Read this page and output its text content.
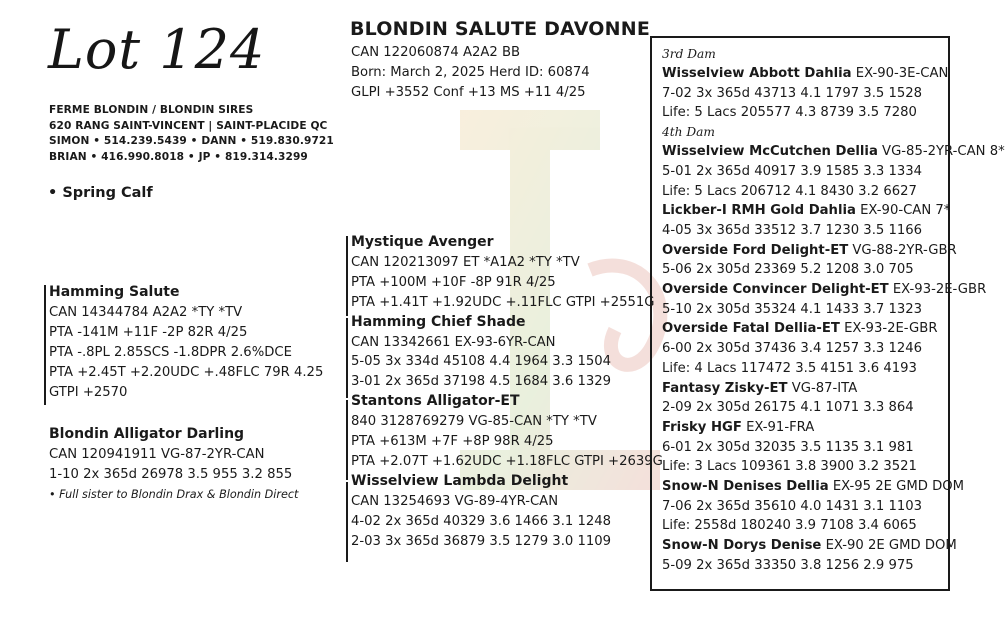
Lot 124
FERME BLONDIN / BLONDIN SIRES
620 RANG SAINT-VINCENT | SAINT-PLACIDE QC
SIMON • 514.239.5439 • DANN • 519.830.9721
BRIAN • 416.990.8018 • JP • 819.314.3299
• Spring Calf
BLONDIN SALUTE DAVONNE
CAN 122060874 A2A2 BB
Born: March 2, 2025 Herd ID: 60874
GLPI +3552 Conf +13 MS +11 4/25
Hamming Salute
CAN 14344784 A2A2 *TY *TV
PTA -141M +11F -2P 82R 4/25
PTA -.8PL 2.85SCS -1.8DPR 2.6%DCE
PTA +2.45T +2.20UDC +.48FLC 79R 4.25
GTPI +2570
Blondin Alligator Darling
CAN 120941911 VG-87-2YR-CAN
1-10 2x 365d 26978 3.5 955 3.2 855
• Full sister to Blondin Drax & Blondin Direct
Mystique Avenger
CAN 120213097 ET *A1A2 *TY *TV
PTA +100M +10F -8P 91R 4/25
PTA +1.41T +1.92UDC +.11FLC GTPI +2551G
Hamming Chief Shade
CAN 13342661 EX-93-6YR-CAN
5-05 3x 334d 45108 4.4 1964 3.3 1504
3-01 2x 365d 37198 4.5 1684 3.6 1329
Stantons Alligator-ET
840 3128769279 VG-85-CAN *TY *TV
PTA +613M +7F +8P 98R 4/25
PTA +2.07T +1.62UDC +1.18FLC GTPI +2639G
Wisselview Lambda Delight
CAN 13254693 VG-89-4YR-CAN
4-02 2x 365d 40329 3.6 1466 3.1 1248
2-03 3x 365d 36879 3.5 1279 3.0 1109
3rd Dam
Wisselview Abbott Dahlia EX-90-3E-CAN
7-02 3x 365d 43713 4.1 1797 3.5 1528
Life: 5 Lacs 205577 4.3 8739 3.5 7280
4th Dam
Wisselview McCutchen Dellia VG-85-2YR-CAN 8*
5-01 2x 365d 40917 3.9 1585 3.3 1334
Life: 5 Lacs 206712 4.1 8430 3.2 6627
Lickber-I RMH Gold Dahlia EX-90-CAN 7*
4-05 3x 365d 33512 3.7 1230 3.5 1166
Overside Ford Delight-ET VG-88-2YR-GBR
5-06 2x 305d 23369 5.2 1208 3.0 705
Overside Convincer Delight-ET EX-93-2E-GBR
5-10 2x 305d 35324 4.1 1433 3.7 1323
Overside Fatal Dellia-ET EX-93-2E-GBR
6-00 2x 305d 37436 3.4 1257 3.3 1246
Life: 4 Lacs 117472 3.5 4151 3.6 4193
Fantasy Zisky-ET VG-87-ITA
2-09 2x 305d 26175 4.1 1071 3.3 864
Frisky HGF EX-91-FRA
6-01 2x 305d 32035 3.5 1135 3.1 981
Life: 3 Lacs 109361 3.8 3900 3.2 3521
Snow-N Denises Dellia EX-95 2E GMD DOM
7-06 2x 365d 35610 4.0 1431 3.1 1103
Life: 2558d 180240 3.9 7108 3.4 6065
Snow-N Dorys Denise EX-90 2E GMD DOM
5-09 2x 365d 33350 3.8 1256 2.9 975
